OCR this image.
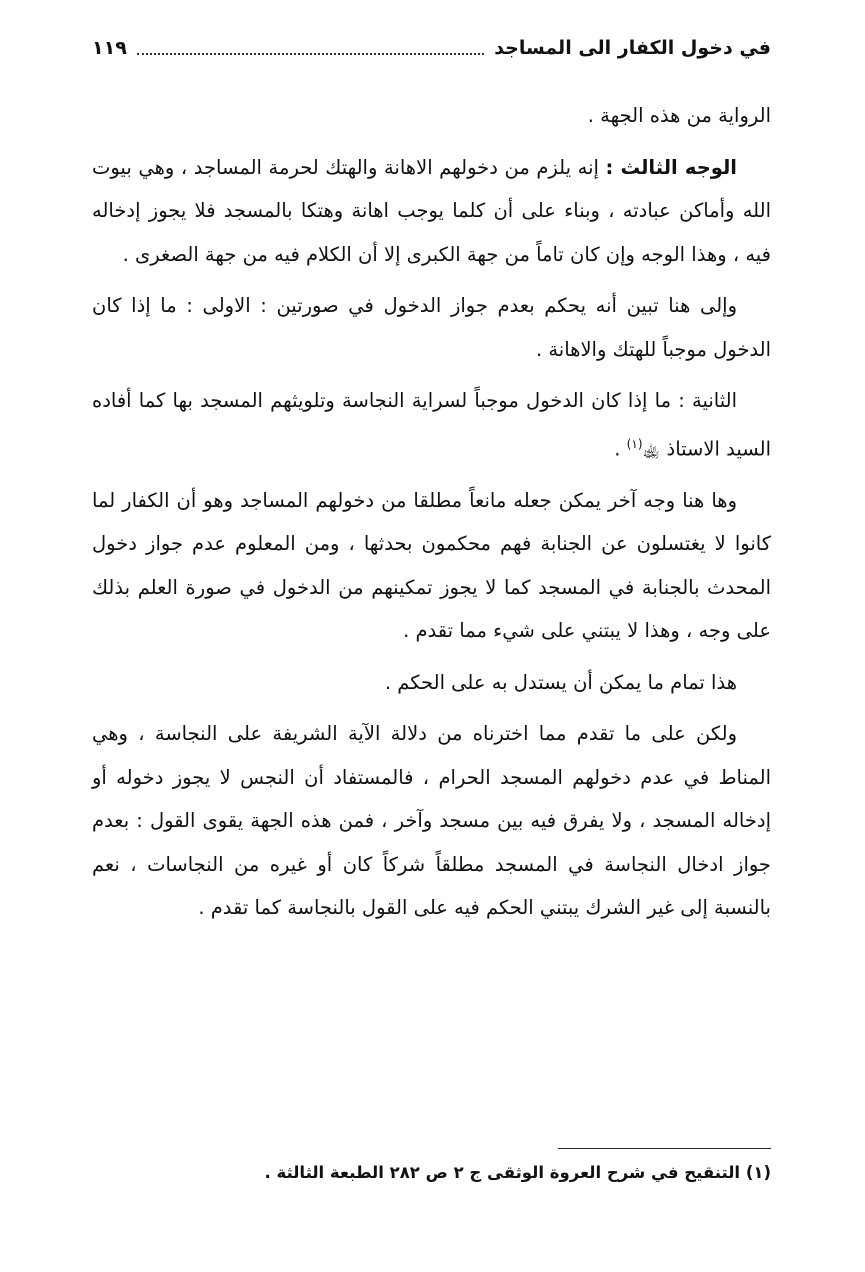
في دخول الكفار الى المساجد
١١٩

الرواية من هذه الجهة .

الوجه الثالث : إنه يلزم من دخولهم الاهانة والهتك لحرمة المساجد ، وهي بيوت الله وأماكن عبادته ، وبناء على أن كلما يوجب اهانة وهتكا بالمسجد فلا يجوز إدخاله فيه ، وهذا الوجه وإن كان تاماً من جهة الكبرى إلا أن الكلام فيه من جهة الصغرى .

وإلى هنا تبين أنه يحكم بعدم جواز الدخول في صورتين : الاولى : ما إذا كان الدخول موجباً للهتك والاهانة .

الثانية : ما إذا كان الدخول موجباً لسراية النجاسة وتلويثهم المسجد بها كما أفاده السيد الاستاذ ﵀$^{(١)}$ .

وها هنا وجه آخر يمكن جعله مانعاً مطلقا من دخولهم المساجد وهو أن الكفار لما كانوا لا يغتسلون عن الجنابة فهم محكمون بحدثها ، ومن المعلوم عدم جواز دخول المحدث بالجنابة في المسجد كما لا يجوز تمكينهم من الدخول في صورة العلم بذلك على وجه ، وهذا لا يبتني على شيء مما تقدم .

هذا تمام ما يمكن أن يستدل به على الحكم .

ولكن على ما تقدم مما اخترناه من دلالة الآية الشريفة على النجاسة ، وهي المناط في عدم دخولهم المسجد الحرام ، فالمستفاد أن النجس لا يجوز دخوله أو إدخاله المسجد ، ولا يفرق فيه بين مسجد وآخر ، فمن هذه الجهة يقوى القول : بعدم جواز ادخال النجاسة في المسجد مطلقاً شركاً كان أو غيره من النجاسات ، نعم بالنسبة إلى غير الشرك يبتني الحكم فيه على القول بالنجاسة كما تقدم .

(١) التنقيح في شرح العروة الوثقى ج ٢ ص ٢٨٢ الطبعة الثالثة .
